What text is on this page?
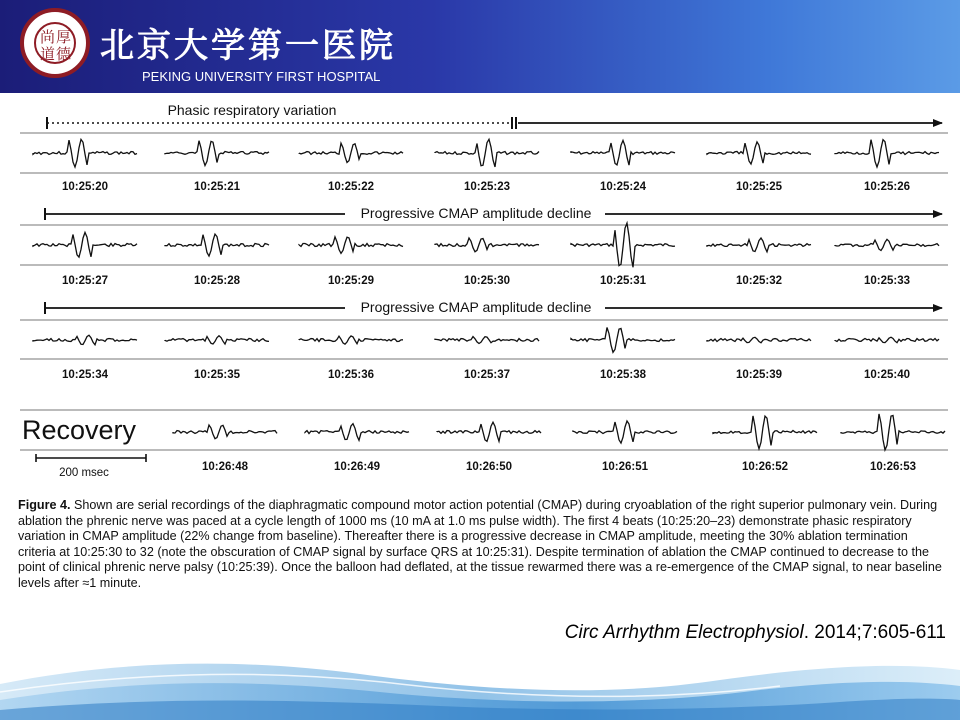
尚厚道德 北京大学第一医院
PEKING UNIVERSITY FIRST HOSPITAL
Phasic respiratory variation
Progressive CMAP amplitude decline
Progressive CMAP amplitude decline
Recovery
200 msec
10:25:20	10:25:21	10:25:22	10:25:23	10:25:24	10:25:25	10:25:26
10:25:27	10:25:28	10:25:29	10:25:30	10:25:31	10:25:32	10:25:33
10:25:34	10:25:35	10:25:36	10:25:37	10:25:38	10:25:39	10:25:40
10:26:48	10:26:49	10:26:50	10:26:51	10:26:52	10:26:53
Figure 4. Shown are serial recordings of the diaphragmatic compound motor action potential (CMAP) during cryoablation of the right superior pulmonary vein. During ablation the phrenic nerve was paced at a cycle length of 1000 ms (10 mA at 1.0 ms pulse width). The first 4 beats (10:25:20–23) demonstrate phasic respiratory variation in CMAP amplitude (22% change from baseline). Thereafter there is a progressive decrease in CMAP amplitude, meeting the 30% ablation termination criteria at 10:25:30 to 32 (note the obscuration of CMAP signal by surface QRS at 10:25:31). Despite termination of ablation the CMAP continued to decrease to the point of clinical phrenic nerve palsy (10:25:39). Once the balloon had deflated, at the tissue rewarmed there was a re-emergence of the CMAP signal, to near baseline levels after ≈1 minute.
Circ Arrhythm Electrophysiol. 2014;7:605-611
